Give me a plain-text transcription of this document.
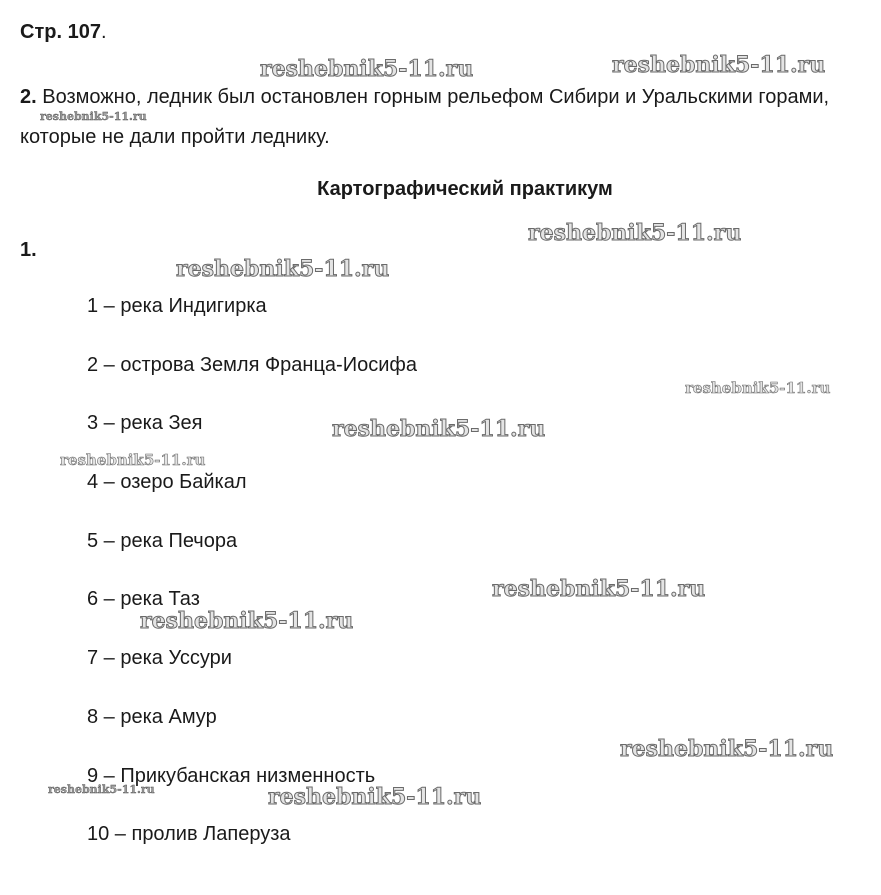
Стр. 107.

2. Возможно, ледник был остановлен горным рельефом Сибири и Уральскими горами, которые не дали пройти леднику.

Картографический практикум

1.

1 – река Индигирка
2 – острова Земля Франца-Иосифа
3 – река Зея
4 – озеро Байкал
5 – река Печора
6 – река Таз
7 – река Уссури
8 – река Амур
9 – Прикубанская низменность
10 – пролив Лаперуза
reshebnik5-11.ru	reshebnik5-11.ru
reshebnik5-11.ru
reshebnik5-11.ru
reshebnik5-11.ru
reshebnik5-11.ru
reshebnik5-11.ru
reshebnik5-11.ru
reshebnik5-11.ru
reshebnik5-11.ru
reshebnik5-11.ru
reshebnik5-11.ru	reshebnik5-11.ru
